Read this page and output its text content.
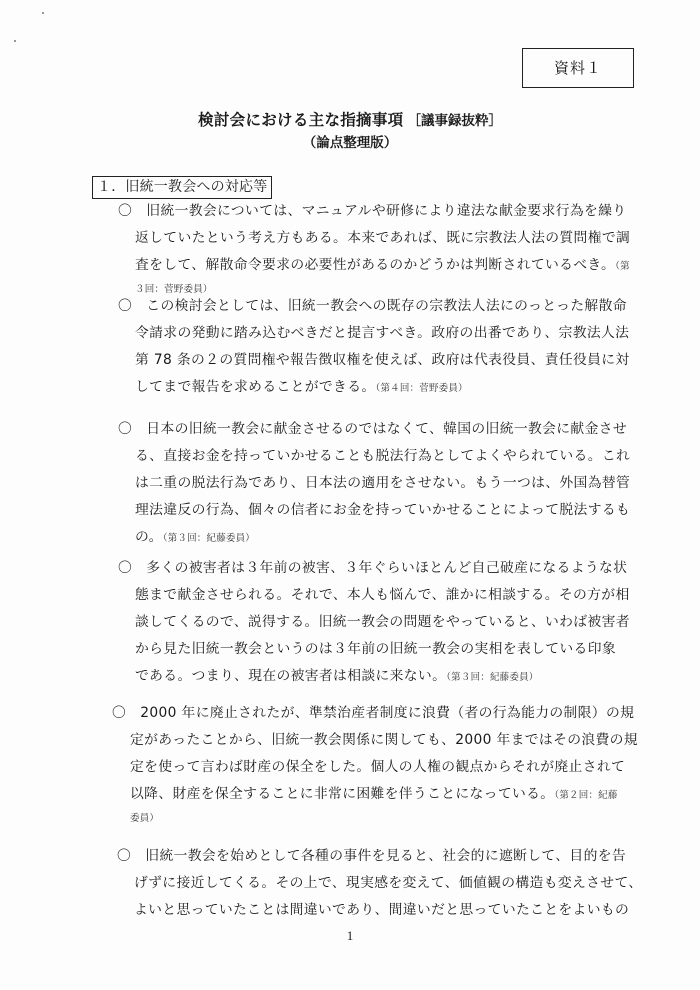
資料１
検討会における主な指摘事項 ［議事録抜粋］
（論点整理版）
１．旧統一教会への対応等
〇　旧統一教会については、マニュアルや研修により違法な献金要求行為を繰り
返していたという考え方もある。本来であれば、既に宗教法人法の質問権で調
査をして、解散命令要求の必要性があるのかどうかは判断されているべき。（第
３回：菅野委員）
〇　この検討会としては、旧統一教会への既存の宗教法人法にのっとった解散命
令請求の発動に踏み込むべきだと提言すべき。政府の出番であり、宗教法人法
第 78 条の２の質問権や報告徴収権を使えば、政府は代表役員、責任役員に対
してまで報告を求めることができる。（第４回：菅野委員）
〇　日本の旧統一教会に献金させるのではなくて、韓国の旧統一教会に献金させ
る、直接お金を持っていかせることも脱法行為としてよくやられている。これ
は二重の脱法行為であり、日本法の適用をさせない。もう一つは、外国為替管
理法違反の行為、個々の信者にお金を持っていかせることによって脱法するも
の。（第３回：紀藤委員）
〇　多くの被害者は３年前の被害、３年ぐらいほとんど自己破産になるような状
態まで献金させられる。それで、本人も悩んで、誰かに相談する。その方が相
談してくるので、説得する。旧統一教会の問題をやっていると、いわば被害者
から見た旧統一教会というのは３年前の旧統一教会の実相を表している印象
である。つまり、現在の被害者は相談に来ない。（第３回：紀藤委員）
〇　2000 年に廃止されたが、準禁治産者制度に浪費（者の行為能力の制限）の規
定があったことから、旧統一教会関係に関しても、2000 年まではその浪費の規
定を使って言わば財産の保全をした。個人の人権の観点からそれが廃止されて
以降、財産を保全することに非常に困難を伴うことになっている。（第２回：紀藤
委員）
〇　旧統一教会を始めとして各種の事件を見ると、社会的に遮断して、目的を告
げずに接近してくる。その上で、現実感を変えて、価値観の構造も変えさせて、
よいと思っていたことは間違いであり、間違いだと思っていたことをよいもの
1
